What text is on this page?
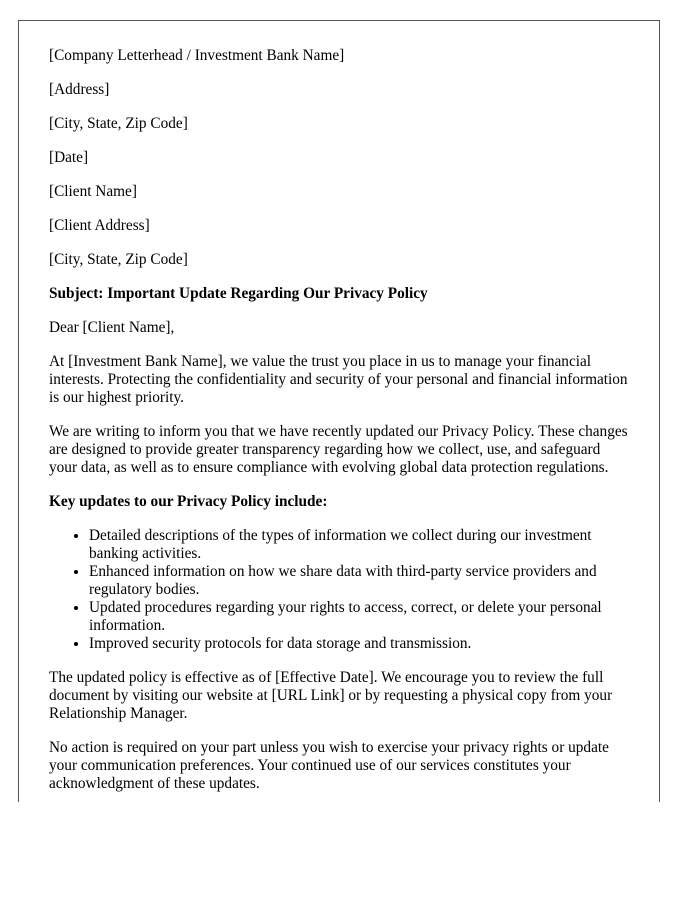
[Company Letterhead / Investment Bank Name]

[Address]

[City, State, Zip Code]

[Date]

[Client Name]

[Client Address]

[City, State, Zip Code]

Subject: Important Update Regarding Our Privacy Policy

Dear [Client Name],

At [Investment Bank Name], we value the trust you place in us to manage your financial interests. Protecting the confidentiality and security of your personal and financial information is our highest priority.

We are writing to inform you that we have recently updated our Privacy Policy. These changes are designed to provide greater transparency regarding how we collect, use, and safeguard your data, as well as to ensure compliance with evolving global data protection regulations.

Key updates to our Privacy Policy include:

• Detailed descriptions of the types of information we collect during our investment banking activities.
• Enhanced information on how we share data with third-party service providers and regulatory bodies.
• Updated procedures regarding your rights to access, correct, or delete your personal information.
• Improved security protocols for data storage and transmission.

The updated policy is effective as of [Effective Date]. We encourage you to review the full document by visiting our website at [URL Link] or by requesting a physical copy from your Relationship Manager.

No action is required on your part unless you wish to exercise your privacy rights or update your communication preferences. Your continued use of our services constitutes your acknowledgment of these updates.
